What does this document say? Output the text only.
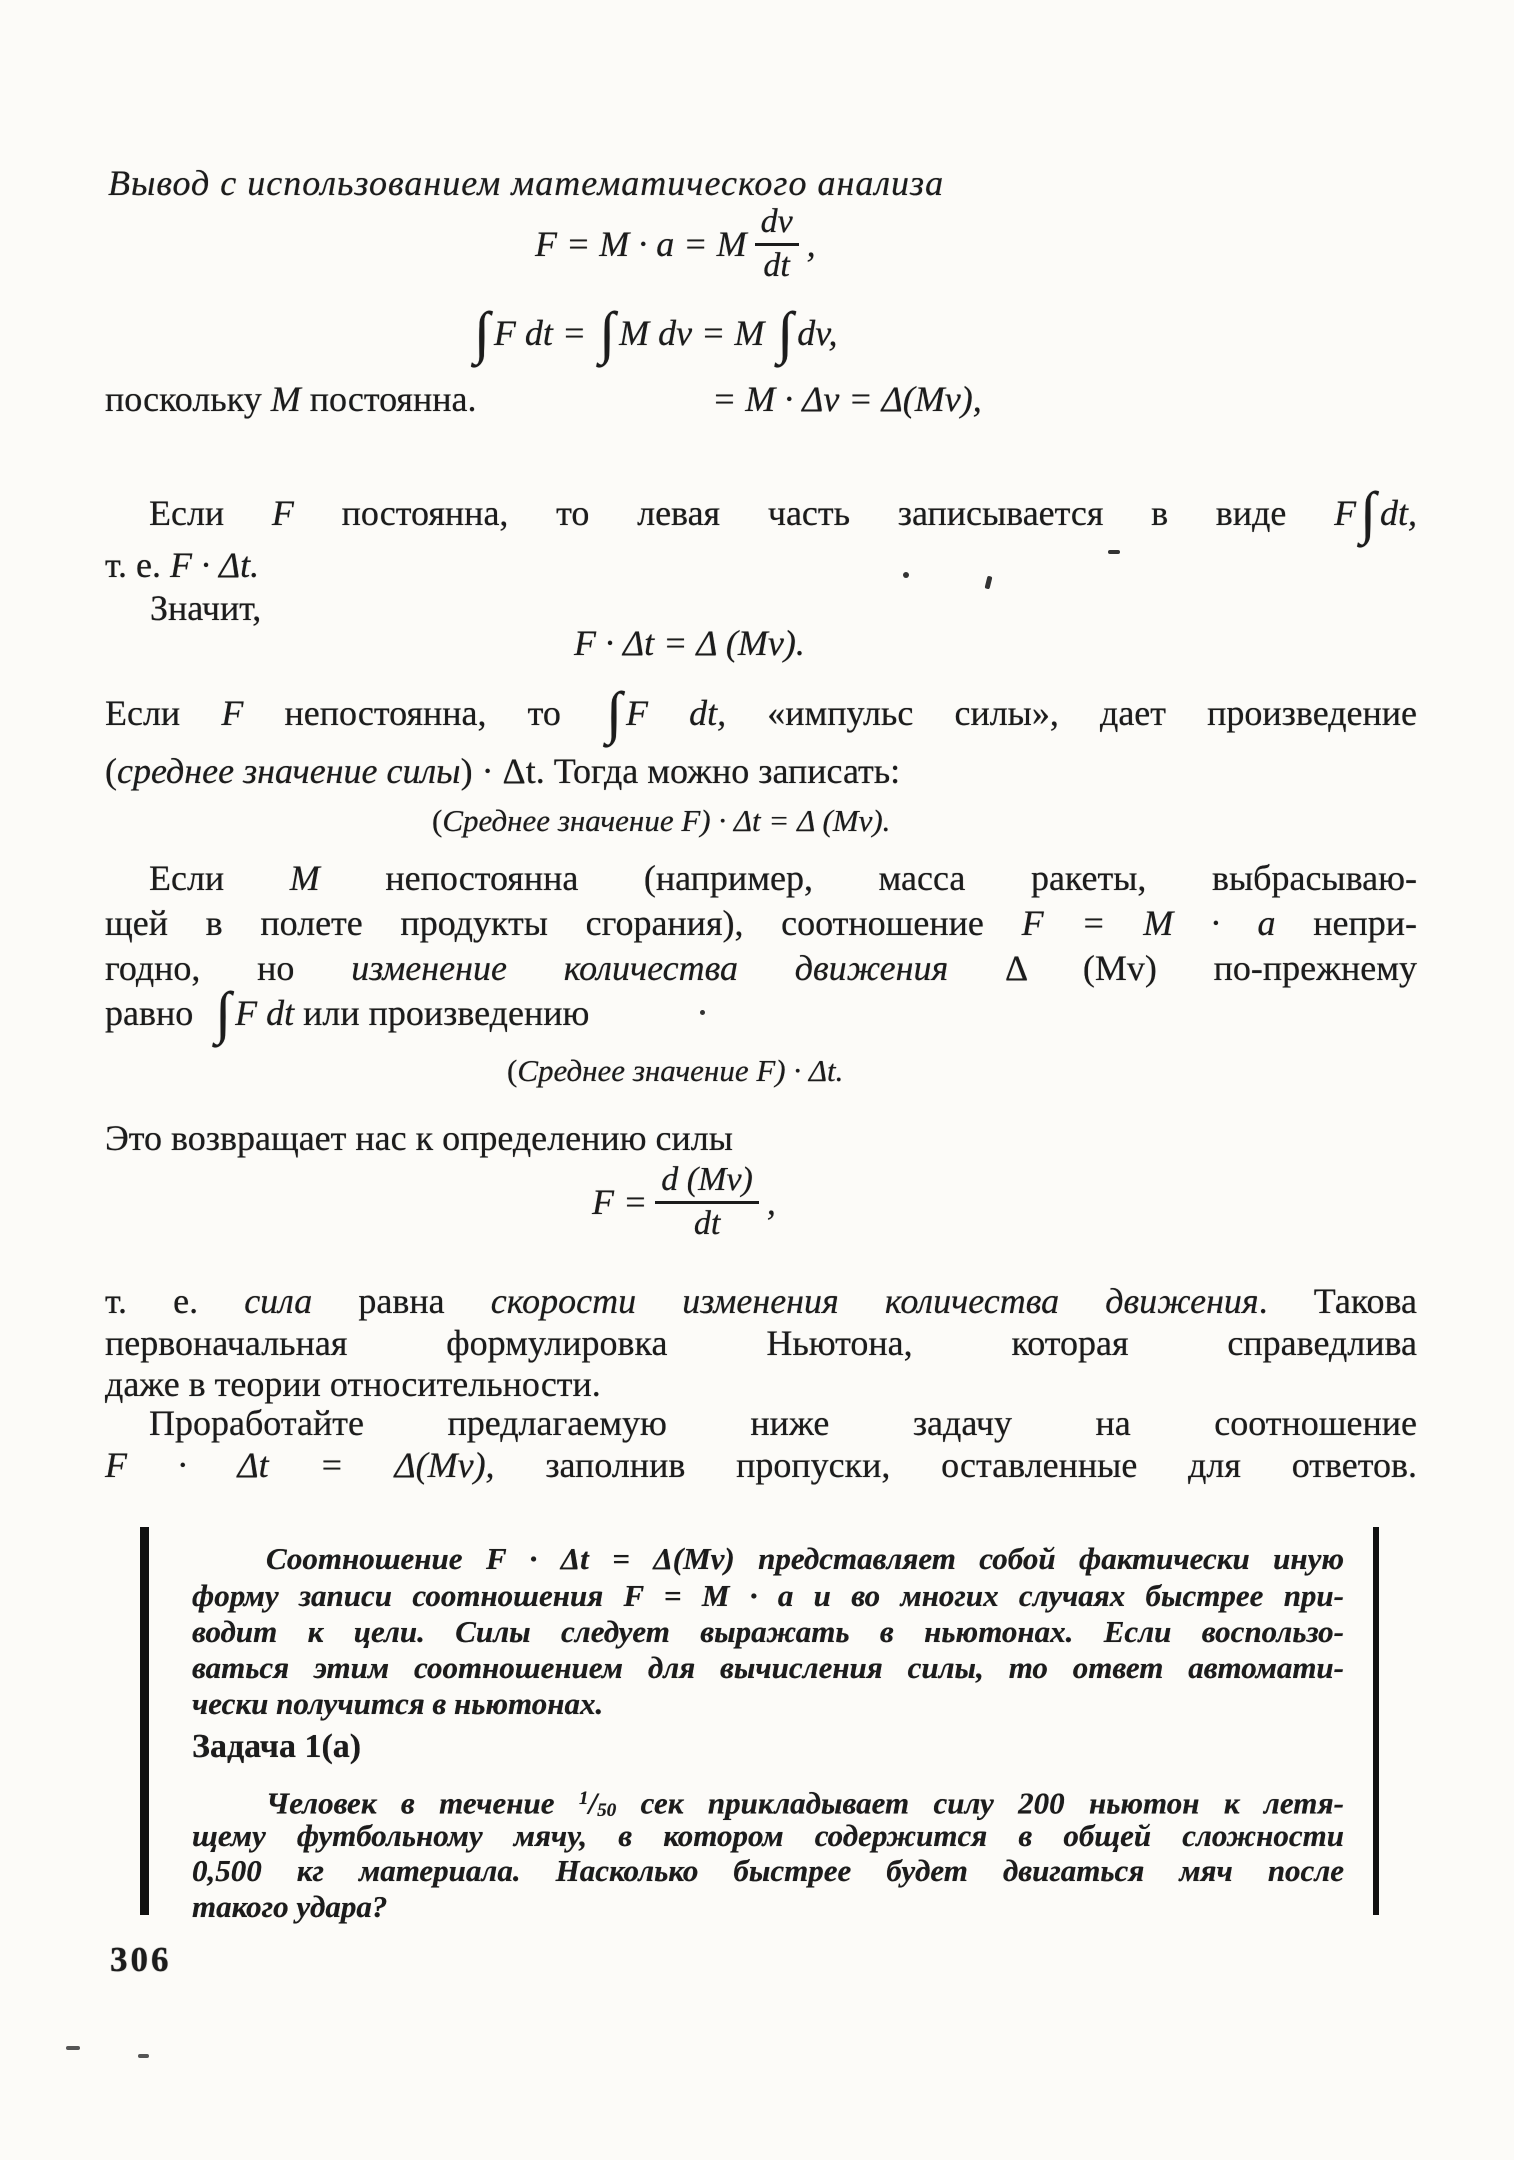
Вывод с использованием математического анализа
F = M · a = M $\frac{dv}{dt}$ ,
∫ F dt = ∫ M dv = M ∫ dv,
поскольку M постоянна.	= M · Δv = Δ(Mv),
Если F постоянна, то левая часть записывается в виде F∫ dt,
т. е. F · Δt.
Значит,
F · Δt = Δ (Mv).
Если F непостоянна, то ∫ F dt, «импульс силы», дает произведение
(среднее значение силы) · Δt. Тогда можно записать:
(Среднее значение F) · Δt = Δ (Mv).
Если M непостоянна (например, масса ракеты, выбрасываю-
щей в полете продукты сгорания), соотношение F = M · a непри-
годно, но изменение количества движения Δ (Mv) по-прежнему
равно  ∫ F dt или произведению
(Среднее значение F) · Δt.
Это возвращает нас к определению силы
$F = \frac{d (Mv)}{dt}$ ,
т. е. сила равна скорости изменения количества движения. Такова
первоначальная формулировка Ньютона, которая справедлива
даже в теории относительности.
Проработайте предлагаемую ниже задачу на соотношение
F · Δt = Δ(Mv), заполнив пропуски, оставленные для ответов.
Соотношение F · Δt = Δ(Mv) представляет собой фактически иную
форму записи соотношения F = M · a и во многих случаях быстрее при-
водит к цели. Силы следует выражать в ньютонах. Если воспользо-
ваться этим соотношением для вычисления силы, то ответ автомати-
чески получится в ньютонах.
Задача 1(a)
Человек в течение $^1$/50 сек прикладывает силу 200 ньютон к летя-
щему футбольному мячу, в котором содержится в общей сложности
0,500 кг материала. Насколько быстрее будет двигаться мяч после
такого удара?
306
